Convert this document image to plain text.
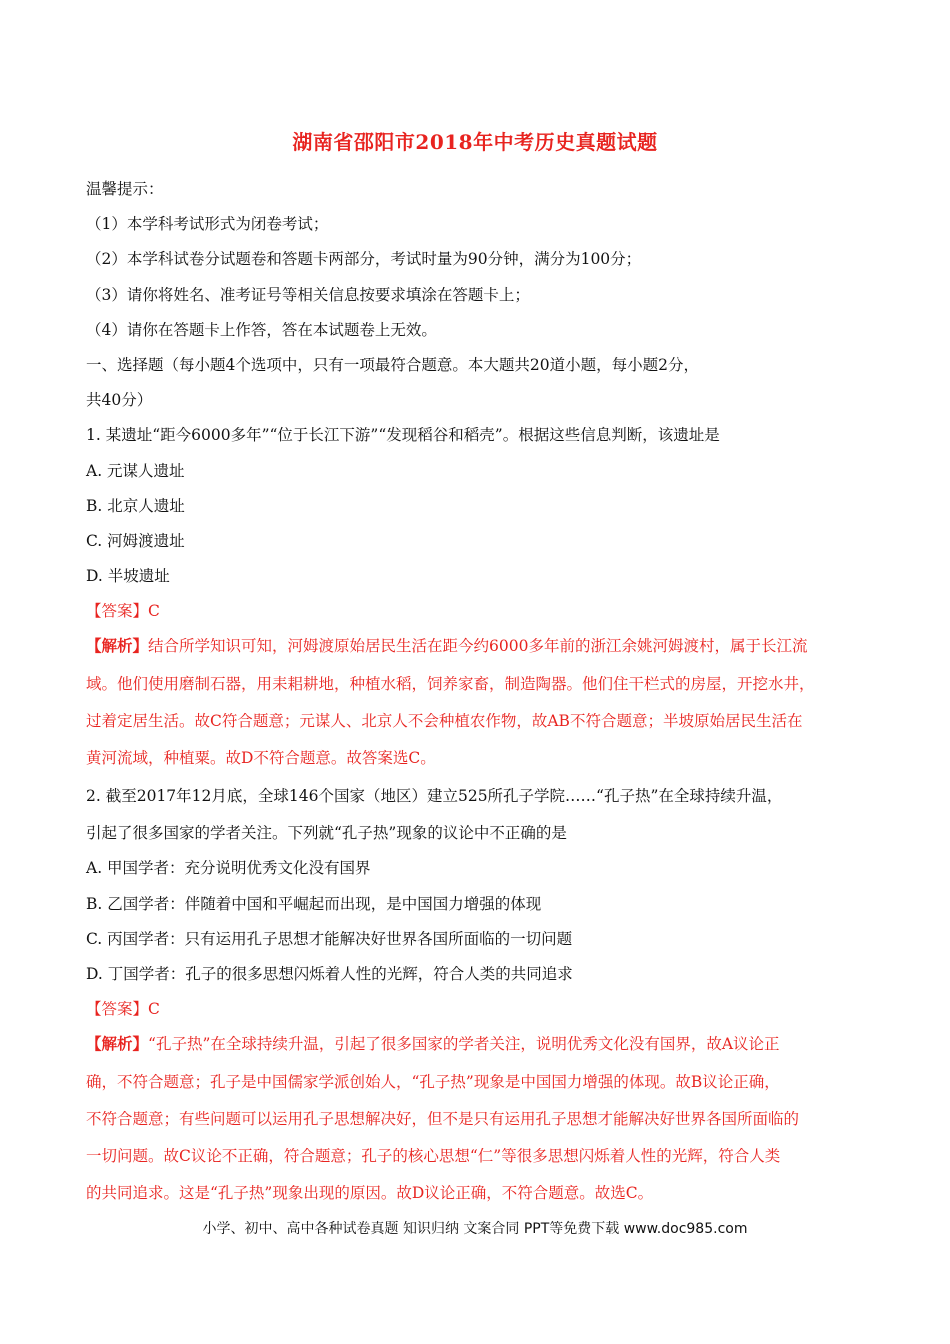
湖南省邵阳市2018年中考历史真题试题
温馨提示：
（1）本学科考试形式为闭卷考试；
（2）本学科试卷分试题卷和答题卡两部分，考试时量为90分钟，满分为100分；
（3）请你将姓名、准考证号等相关信息按要求填涂在答题卡上；
（4）请你在答题卡上作答，答在本试题卷上无效。
一、选择题（每小题4个选项中，只有一项最符合题意。本大题共20道小题，每小题2分，
共40分）
1. 某遗址“距今6000多年”“位于长江下游”“发现稻谷和稻壳”。根据这些信息判断，该遗址是
A. 元谋人遗址
B. 北京人遗址
C. 河姆渡遗址
D. 半坡遗址
【答案】C
【解析】结合所学知识可知，河姆渡原始居民生活在距今约6000多年前的浙江余姚河姆渡村，属于长江流
域。他们使用磨制石器，用耒耜耕地，种植水稻，饲养家畜，制造陶器。他们住干栏式的房屋，开挖水井，
过着定居生活。故C符合题意；元谋人、北京人不会种植农作物，故AB不符合题意；半坡原始居民生活在
黄河流域，种植粟。故D不符合题意。故答案选C。
2. 截至2017年12月底，全球146个国家（地区）建立525所孔子学院……“孔子热”在全球持续升温，
引起了很多国家的学者关注。下列就“孔子热”现象的议论中不正确的是
A. 甲国学者：充分说明优秀文化没有国界
B. 乙国学者：伴随着中国和平崛起而出现，是中国国力增强的体现
C. 丙国学者：只有运用孔子思想才能解决好世界各国所面临的一切问题
D. 丁国学者：孔子的很多思想闪烁着人性的光辉，符合人类的共同追求
【答案】C
【解析】“孔子热”在全球持续升温，引起了很多国家的学者关注，说明优秀文化没有国界，故A议论正
确，不符合题意；孔子是中国儒家学派创始人，“孔子热”现象是中国国力增强的体现。故B议论正确，
不符合题意；有些问题可以运用孔子思想解决好，但不是只有运用孔子思想才能解决好世界各国所面临的
一切问题。故C议论不正确，符合题意；孔子的核心思想“仁”等很多思想闪烁着人性的光辉，符合人类
的共同追求。这是“孔子热”现象出现的原因。故D议论正确，不符合题意。故选C。
小学、初中、高中各种试卷真题 知识归纳 文案合同 PPT等免费下载 www.doc985.com
